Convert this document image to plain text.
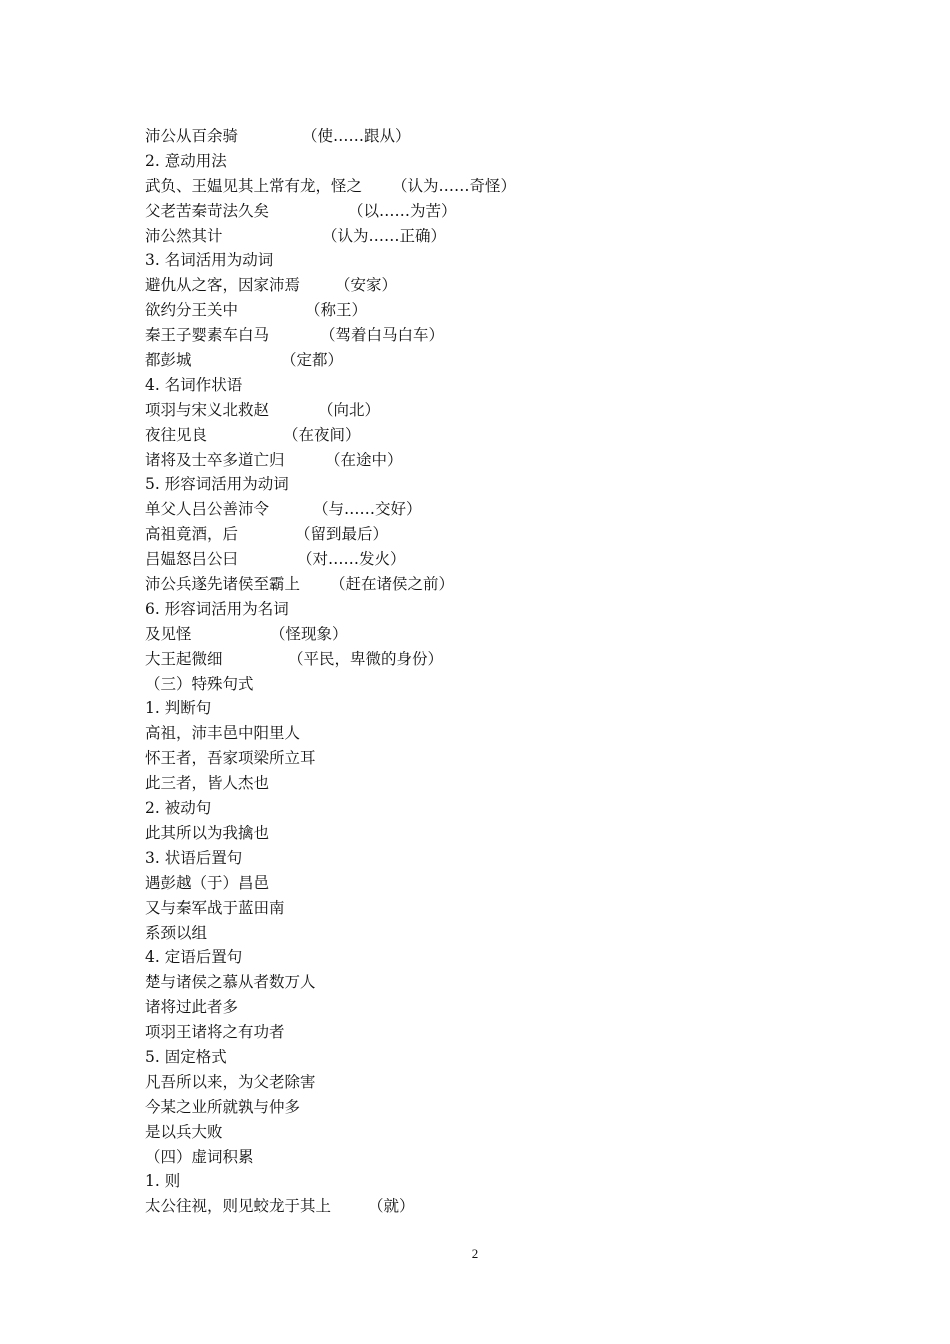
沛公从百余骑	（使……跟从）
2. 意动用法
武负、王媪见其上常有龙，怪之 （认为……奇怪）
父老苦秦苛法久矣	（以……为苦）
沛公然其计	（认为……正确）
3. 名词活用为动词
避仇从之客，因家沛焉 （安家）
欲约分王关中	（称王）
秦王子婴素车白马	（驾着白马白车）
都彭城	（定都）
4. 名词作状语
项羽与宋义北救赵	（向北）
夜往见良	（在夜间）
诸将及士卒多道亡归	（在途中）
5. 形容词活用为动词
单父人吕公善沛令	（与……交好）
高祖竟酒，后	（留到最后）
吕媪怒吕公曰	（对……发火）
沛公兵遂先诸侯至霸上 （赶在诸侯之前）
6. 形容词活用为名词
及见怪	（怪现象）
大王起微细	（平民，卑微的身份）
（三）特殊句式
1. 判断句
高祖，沛丰邑中阳里人
怀王者，吾家项梁所立耳
此三者，皆人杰也
2. 被动句
此其所以为我擒也
3. 状语后置句
遇彭越（于）昌邑
又与秦军战于蓝田南
系颈以组
4. 定语后置句
楚与诸侯之慕从者数万人
诸将过此者多
项羽王诸将之有功者
5. 固定格式
凡吾所以来，为父老除害
今某之业所就孰与仲多
是以兵大败
（四）虚词积累
1. 则
太公往视，则见蛟龙于其上 （就）
2
